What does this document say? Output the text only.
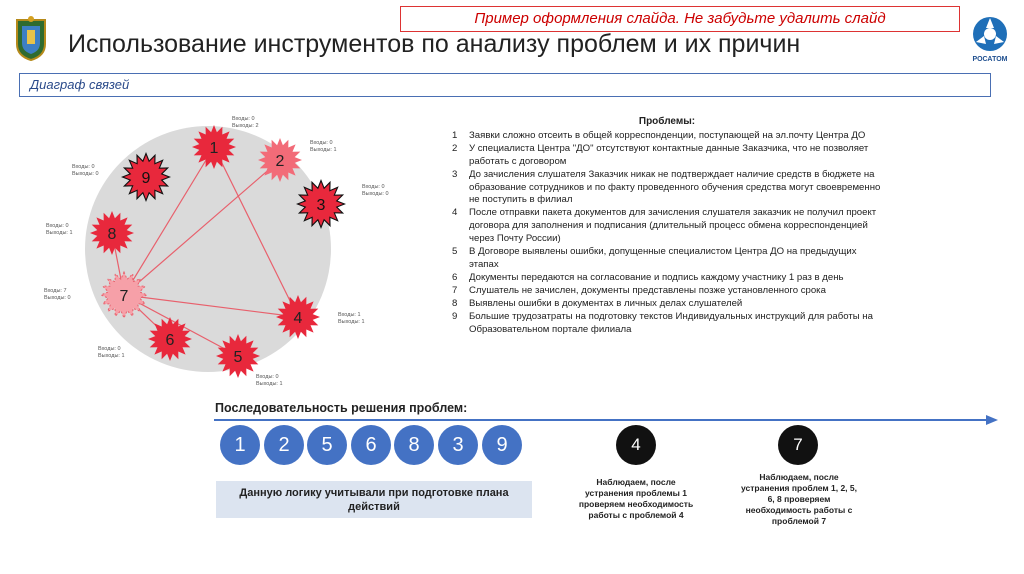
РОСАТОМ
Пример оформления слайда. Не забудьте удалить слайд
Использование инструментов по анализу проблем и их причин
Диаграф связей
1
2
3
4
5
6
7
8
9
Входы: 0
Выходы: 2
Входы: 0
Выходы: 1
Входы: 0
Выходы: 0
Входы: 1
Выходы: 1
Входы: 0
Выходы: 1
Входы: 0
Выходы: 1
Входы: 7
Выходы: 0
Входы: 0
Выходы: 1
Входы: 0
Выходы: 0
Проблемы:
1	Заявки сложно отсеить в общей корреспонденции, поступающей на эл.почту Центра ДО
2	У специалиста Центра "ДО" отсутствуют контактные данные Заказчика, что не позволяет работать с договором
3	До зачисления слушателя Заказчик никак не подтверждает наличие средств в бюджете на образование сотрудников и по факту проведенного обучения средства могут своевременно не поступить в филиал
4	После отправки пакета документов для зачисления слушателя заказчик не получил проект договора для заполнения и подписания (длительный процесс обмена корреспонденцией через Почту России)
5	В Договоре выявлены ошибки, допущенные специалистом Центра ДО на предыдущих этапах
6	Документы передаются на согласование и подпись каждому участнику 1 раз в день
7	Слушатель не зачислен, документы представлены позже установленного срока
8	Выявлены ошибки в документах в личных делах слушателей
9	Большие трудозатраты на подготовку текстов Индивидуальных инструкций для работы на Образовательном портале филиала
Последовательность решения проблем:
1	2	5	6	8	3	9
Данную логику учитывали при подготовке плана действий
4
Наблюдаем, после устранения проблемы 1 проверяем необходимость работы с проблемой 4
7
Наблюдаем, после устранения проблем 1, 2, 5, 6, 8 проверяем необходимость работы с проблемой 7
